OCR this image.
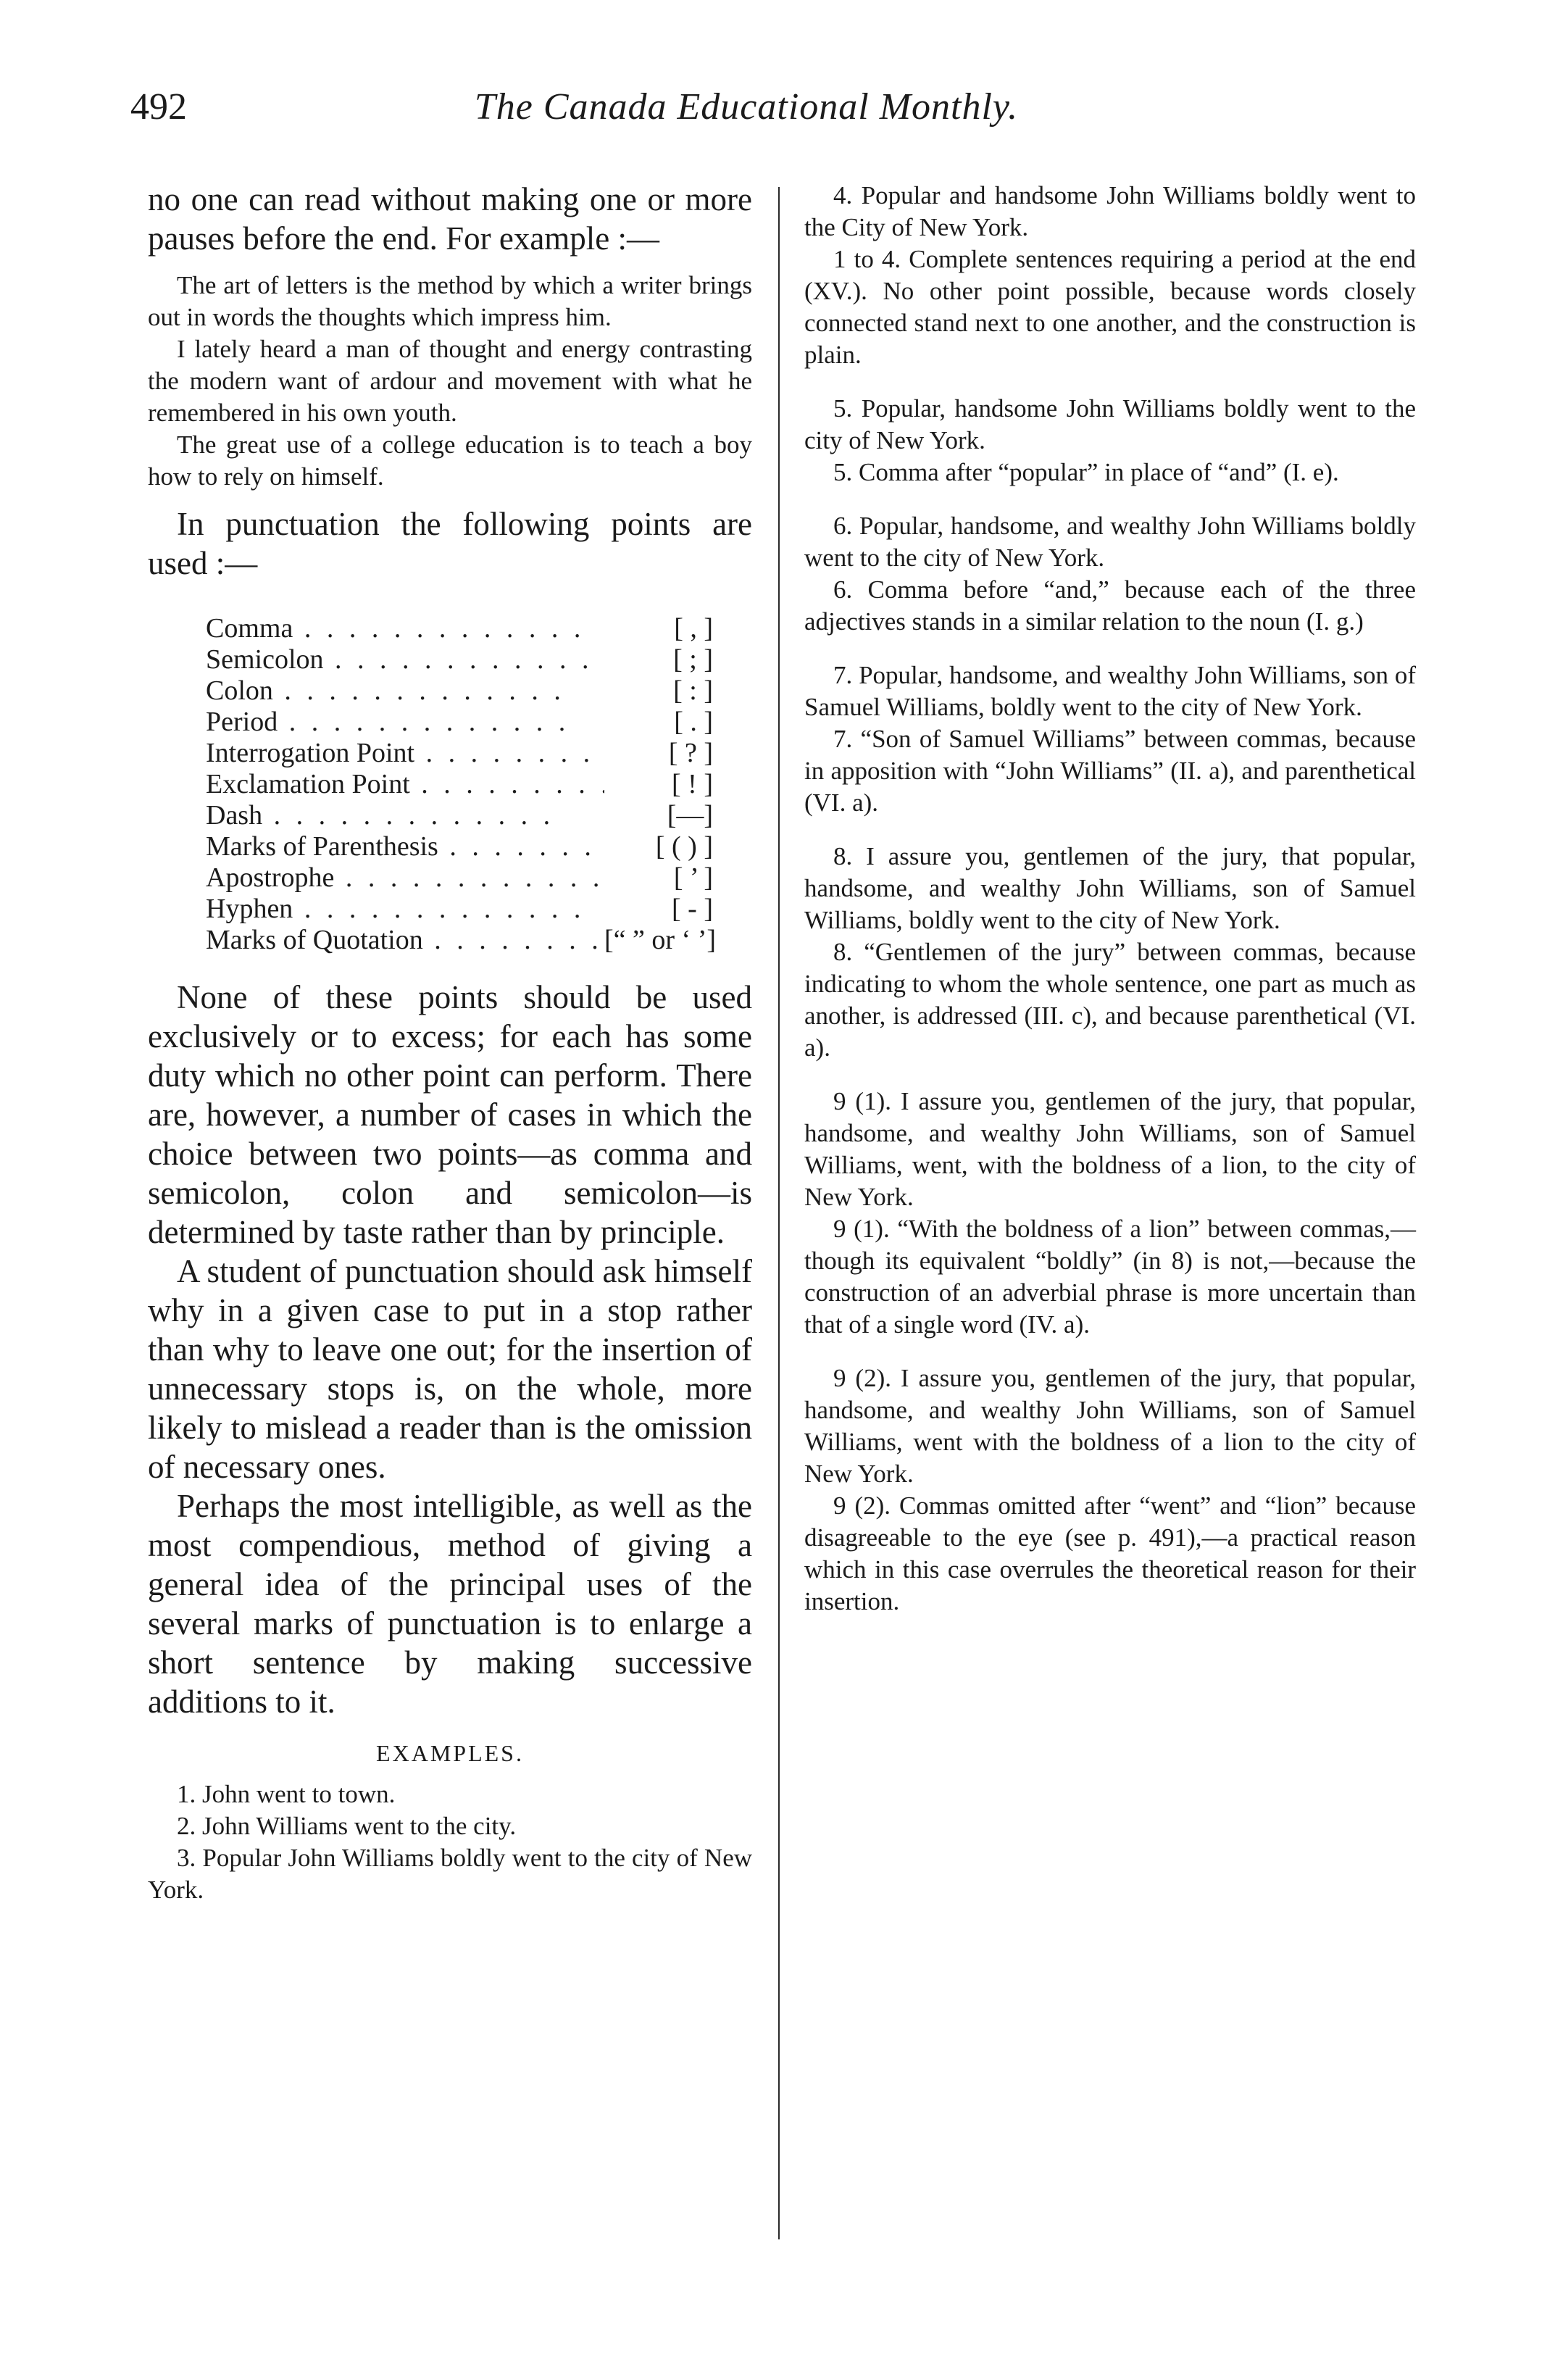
492	The Canada Educational Monthly.

no one can read without making one or more pauses before the end. For example :—

The art of letters is the method by which a writer brings out in words the thoughts which impress him.

I lately heard a man of thought and energy contrasting the modern want of ardour and movement with what he remembered in his own youth.

The great use of a college education is to teach a boy how to rely on himself.

In punctuation the following points are used :—

Comma . .	[ , ]
Semicolon . .	[ ; ]
Colon . .	[ : ]
Period . .	[ . ]
Interrogation Point . .	[ ? ]
Exclamation Point . .	[ ! ]
Dash . .	[—]
Marks of Parenthesis . .	[ ( ) ]
Apostrophe . .	[ ’ ]
Hyphen . .	[ - ]
Marks of Quotation . .	[“ ” or ‘ ’]

None of these points should be used exclusively or to excess; for each has some duty which no other point can perform. There are, however, a number of cases in which the choice between two points—as comma and semicolon, colon and semicolon—is determined by taste rather than by principle.

A student of punctuation should ask himself why in a given case to put in a stop rather than why to leave one out; for the insertion of unnecessary stops is, on the whole, more likely to mislead a reader than is the omission of necessary ones.

Perhaps the most intelligible, as well as the most compendious, method of giving a general idea of the principal uses of the several marks of punctuation is to enlarge a short sentence by making successive additions to it.

EXAMPLES.

1. John went to town.

2. John Williams went to the city.

3. Popular John Williams boldly went to the city of New York.

4. Popular and handsome John Williams boldly went to the City of New York.

1 to 4. Complete sentences requiring a period at the end (XV.). No other point possible, because words closely connected stand next to one another, and the construction is plain.

5. Popular, handsome John Williams boldly went to the city of New York.

5. Comma after “popular” in place of “and” (I. e).

6. Popular, handsome, and wealthy John Williams boldly went to the city of New York.

6. Comma before “and,” because each of the three adjectives stands in a similar relation to the noun (I. g.)

7. Popular, handsome, and wealthy John Williams, son of Samuel Williams, boldly went to the city of New York.

7. “Son of Samuel Williams” between commas, because in apposition with “John Williams” (II. a), and parenthetical (VI. a).

8. I assure you, gentlemen of the jury, that popular, handsome, and wealthy John Williams, son of Samuel Williams, boldly went to the city of New York.

8. “Gentlemen of the jury” between commas, because indicating to whom the whole sentence, one part as much as another, is addressed (III. c), and because parenthetical (VI. a).

9 (1). I assure you, gentlemen of the jury, that popular, handsome, and wealthy John Williams, son of Samuel Williams, went, with the boldness of a lion, to the city of New York.

9 (1). “With the boldness of a lion” between commas,—though its equivalent “boldly” (in 8) is not,—because the construction of an adverbial phrase is more uncertain than that of a single word (IV. a).

9 (2). I assure you, gentlemen of the jury, that popular, handsome, and wealthy John Williams, son of Samuel Williams, went with the boldness of a lion to the city of New York.

9 (2). Commas omitted after “went” and “lion” because disagreeable to the eye (see p. 491),—a practical reason which in this case overrules the theoretical reason for their insertion.
